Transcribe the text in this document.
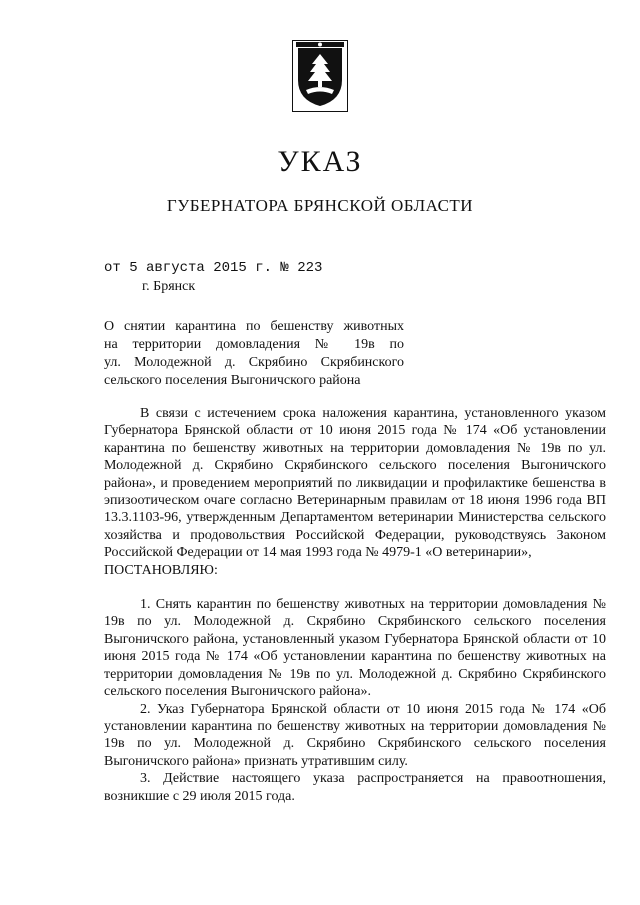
УКАЗ
ГУБЕРНАТОРА БРЯНСКОЙ ОБЛАСТИ
от 5 августа 2015 г. № 223
г. Брянск
О снятии карантина по бешенству животных
на территории домовладения № 19в по
ул. Молодежной д. Скрябино Скрябинского
сельского поселения Выгоничского района

В связи с истечением срока наложения карантина, установленного указом Губернатора Брянской области от 10 июня 2015 года № 174 «Об установлении карантина по бешенству животных на территории домовладения № 19в по ул. Молодежной д. Скрябино Скрябинского сельского поселения Выгоничского района», и проведением мероприятий по ликвидации и профилактике бешенства в эпизоотическом очаге согласно Ветеринарным правилам от 18 июня 1996 года ВП 13.3.1103-96, утвержденным Департаментом ветеринарии Министерства сельского хозяйства и продовольствия Российской Федерации, руководствуясь Законом Российской Федерации от 14 мая 1993 года № 4979-1 «О ветеринарии»,

ПОСТАНОВЛЯЮ:

1. Снять карантин по бешенству животных на территории домовладения № 19в по ул. Молодежной д. Скрябино Скрябинского сельского поселения Выгоничского района, установленный указом Губернатора Брянской области от 10 июня 2015 года № 174 «Об установлении карантина по бешенству животных на территории домовладения № 19в по ул. Молодежной д. Скрябино Скрябинского сельского поселения Выгоничского района».

2. Указ Губернатора Брянской области от 10 июня 2015 года № 174 «Об установлении карантина по бешенству животных на территории домовладения № 19в по ул. Молодежной д. Скрябино Скрябинского сельского поселения Выгоничского района» признать утратившим силу.

3. Действие настоящего указа распространяется на правоотношения, возникшие с 29 июля 2015 года.
